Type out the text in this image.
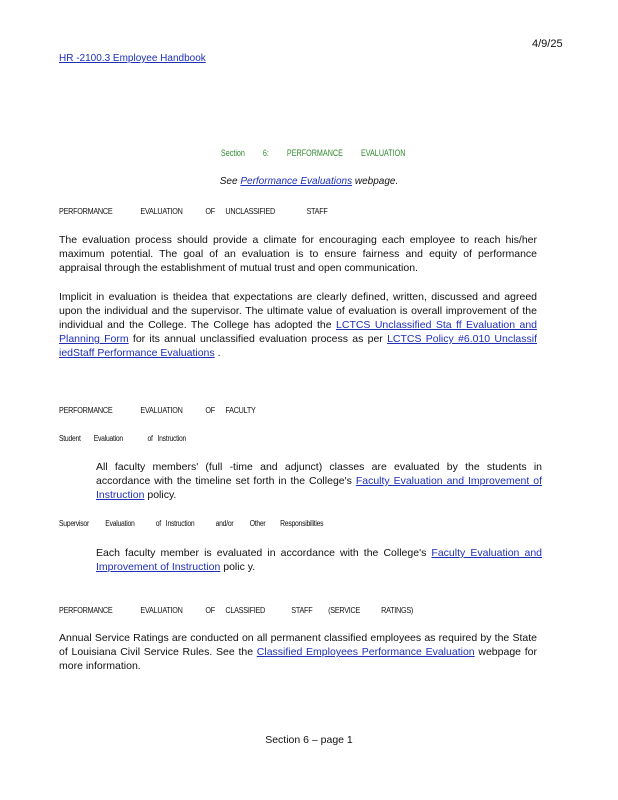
4/9/25
HR -2100.3 Employee Handbook
Section 6: PERFORMANCE EVALUATION
See Performance Evaluations webpage.
PERFORMANCE                EVALUATION             OF      UNCLASSIFIED                  STAFF
The evaluation process should provide a climate for encouraging each employee to reach his/her maximum potential. The goal of an evaluation is to ensure fairness and equity of performance appraisal through the establishment of mutual trust and open communication.
Implicit in evaluation is theidea that expectations are clearly defined, written, discussed and agreed upon the individual and the supervisor. The ultimate value of evaluation is overall improvement of the individual and the College. The College has adopted the LCTCS Unclassified Sta ff Evaluation and Planning Form for its annual unclassified evaluation process as per LCTCS Policy #6.010 Unclassif iedStaff Performance Evaluations .
PERFORMANCE                EVALUATION             OF      FACULTY
Student        Evaluation               of   Instruction
All faculty members' (full -time and adjunct) classes are evaluated by the students in accordance with the timeline set forth in the College's Faculty Evaluation and Improvement of Instruction policy.
Supervisor          Evaluation             of   Instruction             and/or          Other         Responsibilities
Each faculty member is evaluated in accordance with the College's Faculty Evaluation and Improvement of Instruction polic y.
PERFORMANCE                EVALUATION             OF      CLASSIFIED               STAFF         (SERVICE            RATINGS)
Annual Service Ratings are conducted on all permanent classified employees as required by the State of Louisiana Civil Service Rules. See the Classified Employees Performance Evaluation webpage for more information.
Section 6 – page 1
